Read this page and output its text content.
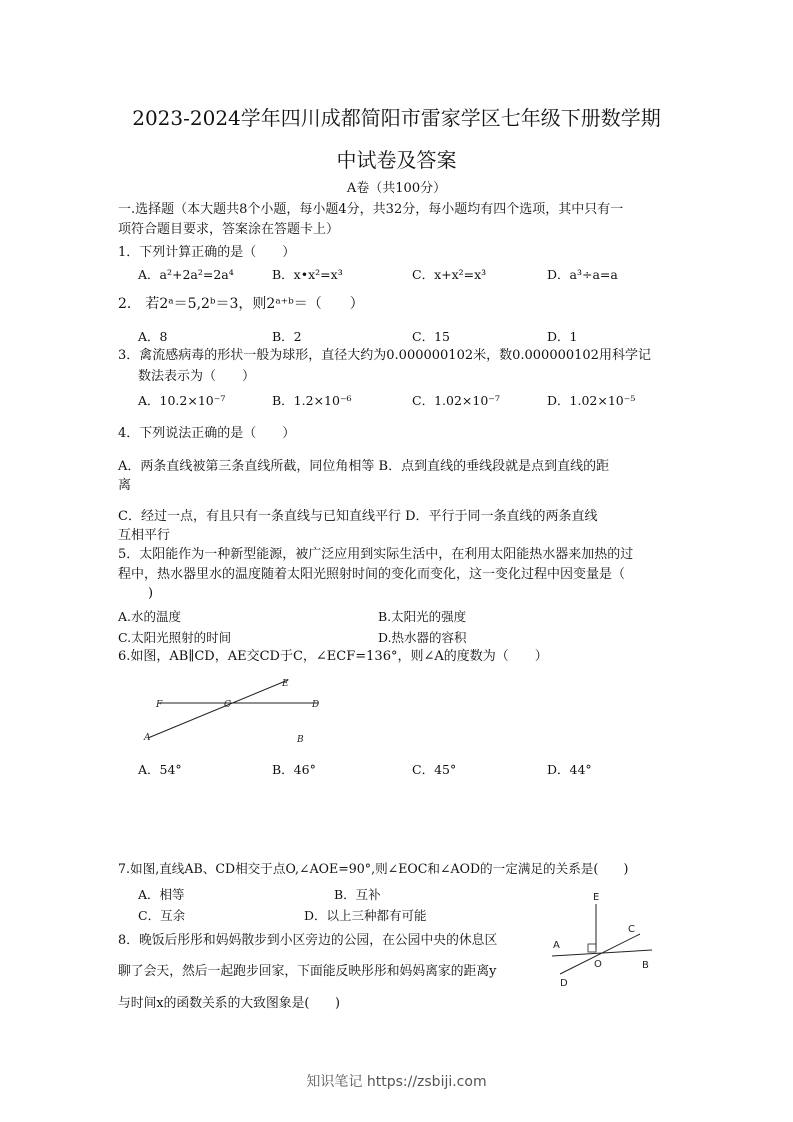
2023-2024学年四川成都简阳市雷家学区七年级下册数学期
中试卷及答案
A卷（共100分）
一.选择题（本大题共8个小题，每小题4分，共32分，每小题均有四个选项，其中只有一
项符合题目要求，答案涂在答题卡上）
1．下列计算正确的是（　　）
A．a²+2a²=2a⁴	B．x•x²=x³	C．x+x²=x³	D．a³÷a=a
2． 若2ᵃ＝5,2ᵇ＝3，则2ᵃ⁺ᵇ＝（　　）
A．8	B．2	C．15	D．1
3．禽流感病毒的形状一般为球形，直径大约为0.000000102米，数0.000000102用科学记
数法表示为（　　）
A．10.2×10⁻⁷	B．1.2×10⁻⁶	C．1.02×10⁻⁷	D．1.02×10⁻⁵
4．下列说法正确的是（　　）
A．两条直线被第三条直线所截，同位角相等 B．点到直线的垂线段就是点到直线的距
离
C．经过一点，有且只有一条直线与已知直线平行 D．平行于同一条直线的两条直线
互相平行
5．太阳能作为一种新型能源，被广泛应用到实际生活中，在利用太阳能热水器来加热的过
程中，热水器里水的温度随着太阳光照射时间的变化而变化，这一变化过程中因变量是（
)
A.水的温度	B.太阳光的强度
C.太阳光照射的时间	D.热水器的容积
6.如图，AB∥CD，AE交CD于C，∠ECF=136°，则∠A的度数为（　　）
E
F	C	D
A	B
A．54°	B．46°	C．45°	D．44°
7.如图,直线AB、CD相交于点O,∠AOE=90°,则∠EOC和∠AOD的一定满足的关系是(　　)
A．相等	B．互补
C．互余	D．以上三种都有可能
E
C
A
O	B
D
8．晚饭后彤彤和妈妈散步到小区旁边的公园，在公园中央的休息区
聊了会天，然后一起跑步回家，下面能反映彤彤和妈妈离家的距离y
与时间x的函数关系的大致图象是(　　)
知识笔记 https://zsbiji.com
